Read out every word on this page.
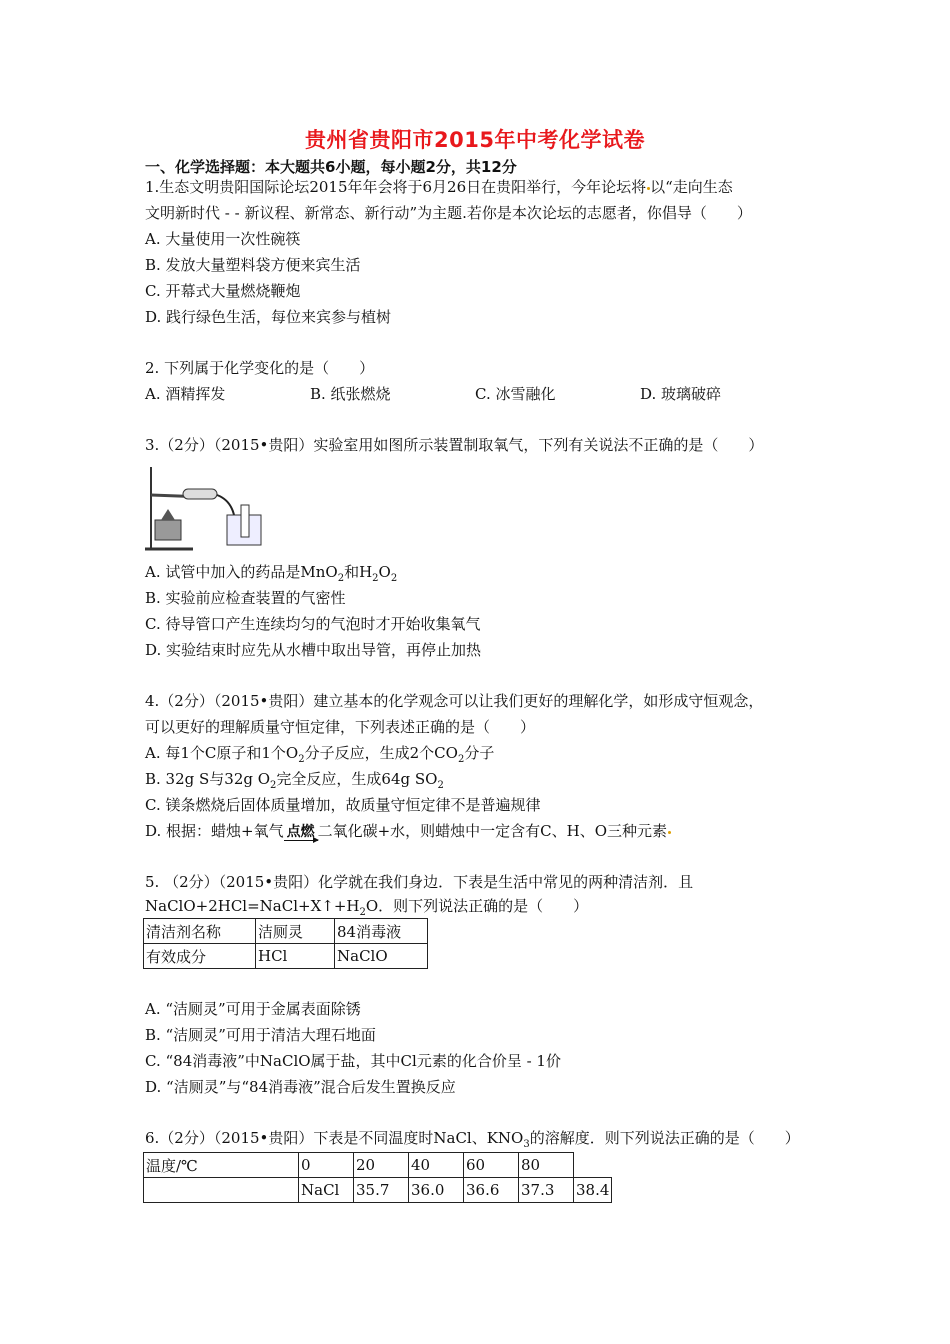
贵州省贵阳市2015年中考化学试卷
一、化学选择题：本大题共6小题，每小题2分，共12分
1.生态文明贵阳国际论坛2015年年会将于6月26日在贵阳举行，今年论坛将 以“走向生态
文明新时代 - - 新议程、新常态、新行动”为主题.若你是本次论坛的志愿者，你倡导（　　）
A. 大量使用一次性碗筷
B. 发放大量塑料袋方便来宾生活
C. 开幕式大量燃烧鞭炮
D. 践行绿色生活，每位来宾参与植树
2. 下列属于化学变化的是（　　）
A. 酒精挥发	B. 纸张燃烧	C. 冰雪融化	D. 玻璃破碎
3.（2分）（2015•贵阳）实验室用如图所示装置制取氧气，下列有关说法不正确的是（　　）
A. 试管中加入的药品是MnO$_2$和$H_2O_2$
B. 实验前应检查装置的气密性
C. 待导管口产生连续均匀的气泡时才开始收集氧气
D. 实验结束时应先从水槽中取出导管，再停止加热
4.（2分）（2015•贵阳）建立基本的化学观念可以让我们更好的理解化学，如形成守恒观念，
可以更好的理解质量守恒定律，下列表述正确的是（　　）
A. 每1个C原子和1个$O_2$分子反应，生成2个$CO_2$分子
B. 32g S与32g $O_2$完全反应，生成64g $SO_2$
C. 镁条燃烧后固体质量增加，故质量守恒定律不是普遍规律
D. 根据：蜡烛+氧气 点燃 二氧化碳+水，则蜡烛中一定含有C、H、O三种元素
5. （2分）（2015•贵阳）化学就在我们身边．下表是生活中常见的两种清洁剂．且
$NaClO+2HCl=NaCl+X↑+H_2O$．则下列说法正确的是（　　）
清洁剂名称	洁厕灵	84消毒液
有效成分	HCl	NaClO
A. “洁厕灵”可用于金属表面除锈
B. “洁厕灵”可用于清洁大理石地面
C. “84消毒液”中NaClO属于盐，其中Cl元素的化合价呈 - 1价
D. “洁厕灵”与“84消毒液”混合后发生置换反应
6.（2分）（2015•贵阳）下表是不同温度时NaCl、$KNO_3$的溶解度．则下列说法正确的是（　　）
温度/℃	0	20	40	60	80	
	NaCl	35.7	36.0	36.6	37.3	38.4
